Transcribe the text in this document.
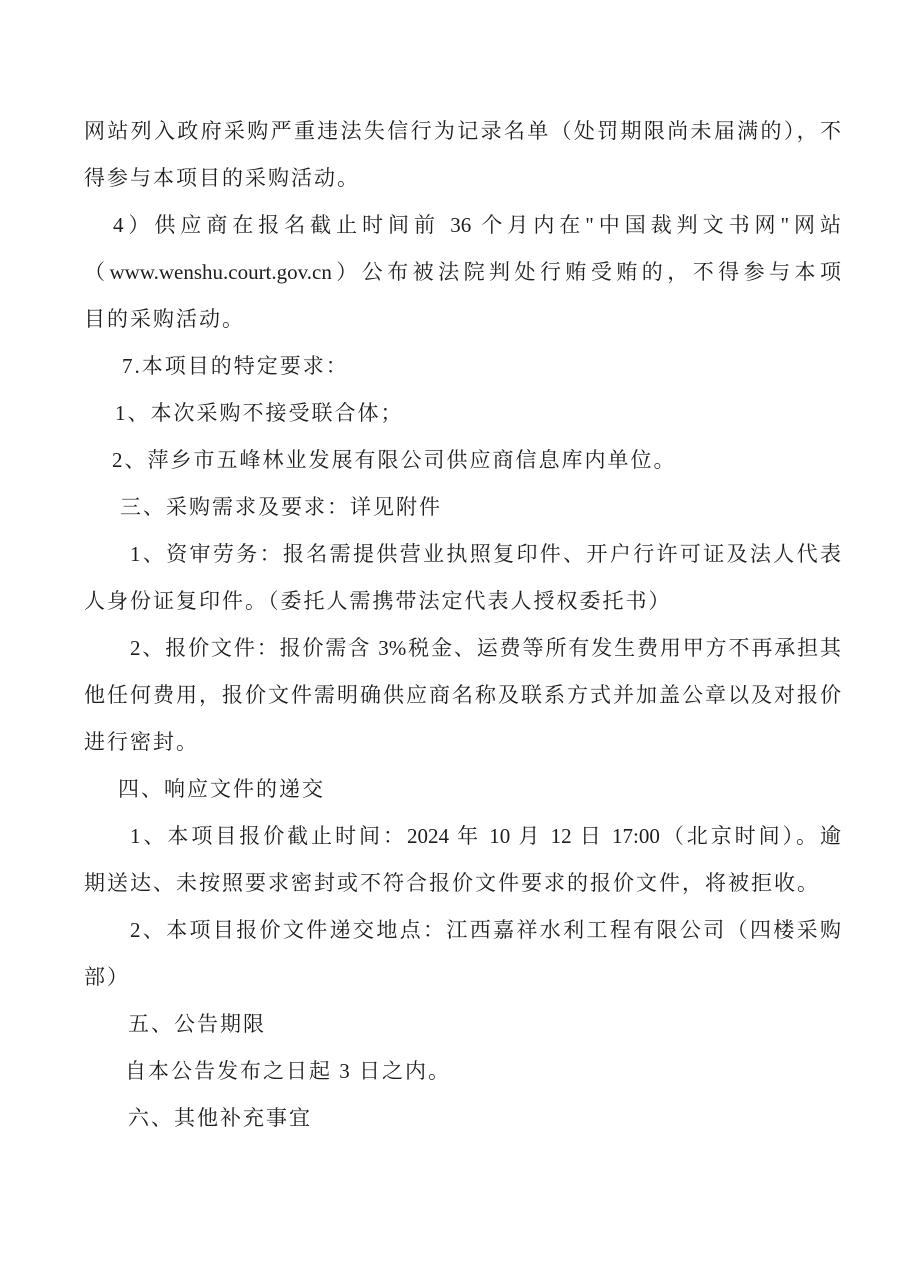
网站列入政府采购严重违法失信行为记录名单（处罚期限尚未届满的），不
得参与本项目的采购活动。
4）供应商在报名截止时间前 36 个月内在"中国裁判文书网"网站
（www.wenshu.court.gov.cn）公布被法院判处行贿受贿的，不得参与本项
目的采购活动。
7.本项目的特定要求：
1、本次采购不接受联合体；
2、萍乡市五峰林业发展有限公司供应商信息库内单位。
三、采购需求及要求：详见附件
1、资审劳务：报名需提供营业执照复印件、开户行许可证及法人代表
人身份证复印件。（委托人需携带法定代表人授权委托书）
2、报价文件：报价需含 3%税金、运费等所有发生费用甲方不再承担其
他任何费用，报价文件需明确供应商名称及联系方式并加盖公章以及对报价
进行密封。
四、响应文件的递交
1、本项目报价截止时间：2024 年 10 月 12 日 17:00（北京时间）。逾
期送达、未按照要求密封或不符合报价文件要求的报价文件，将被拒收。
2、本项目报价文件递交地点：江西嘉祥水利工程有限公司（四楼采购
部）
五、公告期限
自本公告发布之日起 3 日之内。
六、其他补充事宜
